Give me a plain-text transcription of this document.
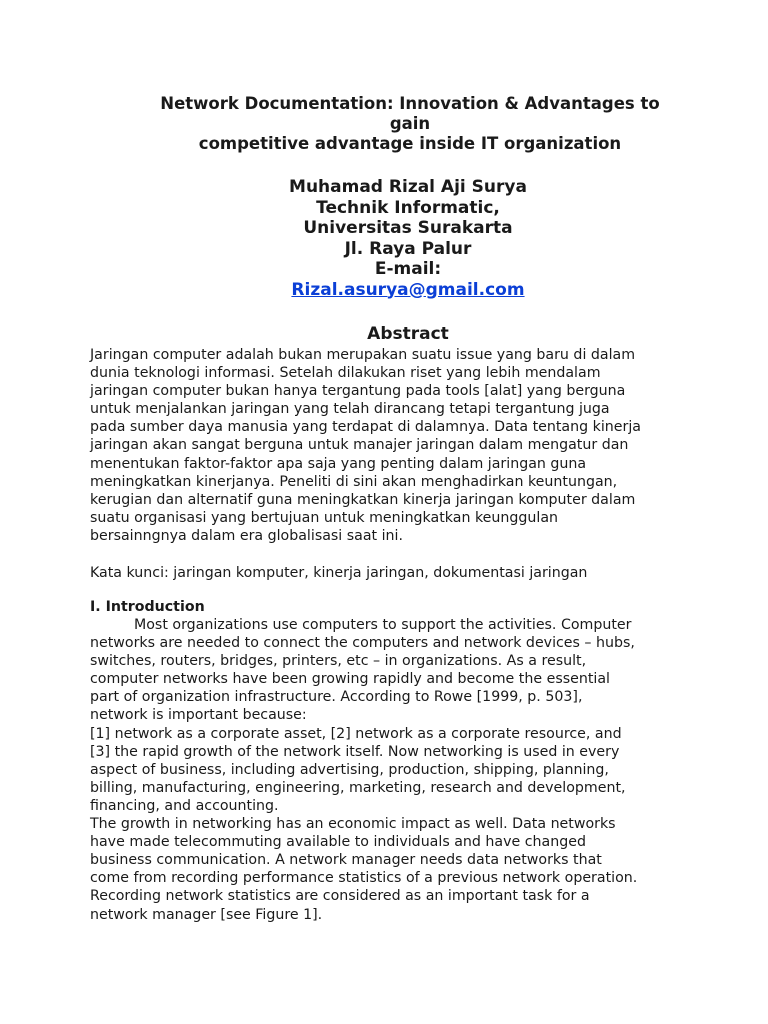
Network Documentation: Innovation & Advantages to
gain
competitive advantage inside IT organization
Muhamad Rizal Aji Surya
Technik Informatic,
Universitas Surakarta
Jl. Raya Palur
E-mail:
Rizal.asurya@gmail.com
Abstract

Jaringan computer adalah bukan merupakan suatu issue yang baru di dalam
dunia teknologi informasi. Setelah dilakukan riset yang lebih mendalam
jaringan computer bukan hanya tergantung pada tools [alat] yang berguna
untuk menjalankan jaringan yang telah dirancang tetapi tergantung juga
pada sumber daya manusia yang terdapat di dalamnya. Data tentang kinerja
jaringan akan sangat berguna untuk manajer jaringan dalam mengatur dan
menentukan faktor-faktor apa saja yang penting dalam jaringan guna
meningkatkan kinerjanya. Peneliti di sini akan menghadirkan keuntungan,
kerugian dan alternatif guna meningkatkan kinerja jaringan komputer dalam
suatu organisasi yang bertujuan untuk meningkatkan keunggulan
bersainngnya dalam era globalisasi saat ini.

Kata kunci: jaringan komputer, kinerja jaringan, dokumentasi jaringan

I. Introduction

Most organizations use computers to support the activities. Computer
networks are needed to connect the computers and network devices – hubs,
switches, routers, bridges, printers, etc – in organizations. As a result,
computer networks have been growing rapidly and become the essential
part of organization infrastructure. According to Rowe [1999, p. 503],
network is important because:
[1] network as a corporate asset, [2] network as a corporate resource, and
[3] the rapid growth of the network itself. Now networking is used in every
aspect of business, including advertising, production, shipping, planning,
billing, manufacturing, engineering, marketing, research and development,
financing, and accounting.
The growth in networking has an economic impact as well. Data networks
have made telecommuting available to individuals and have changed
business communication. A network manager needs data networks that
come from recording performance statistics of a previous network operation.
Recording network statistics are considered as an important task for a
network manager [see Figure 1].
